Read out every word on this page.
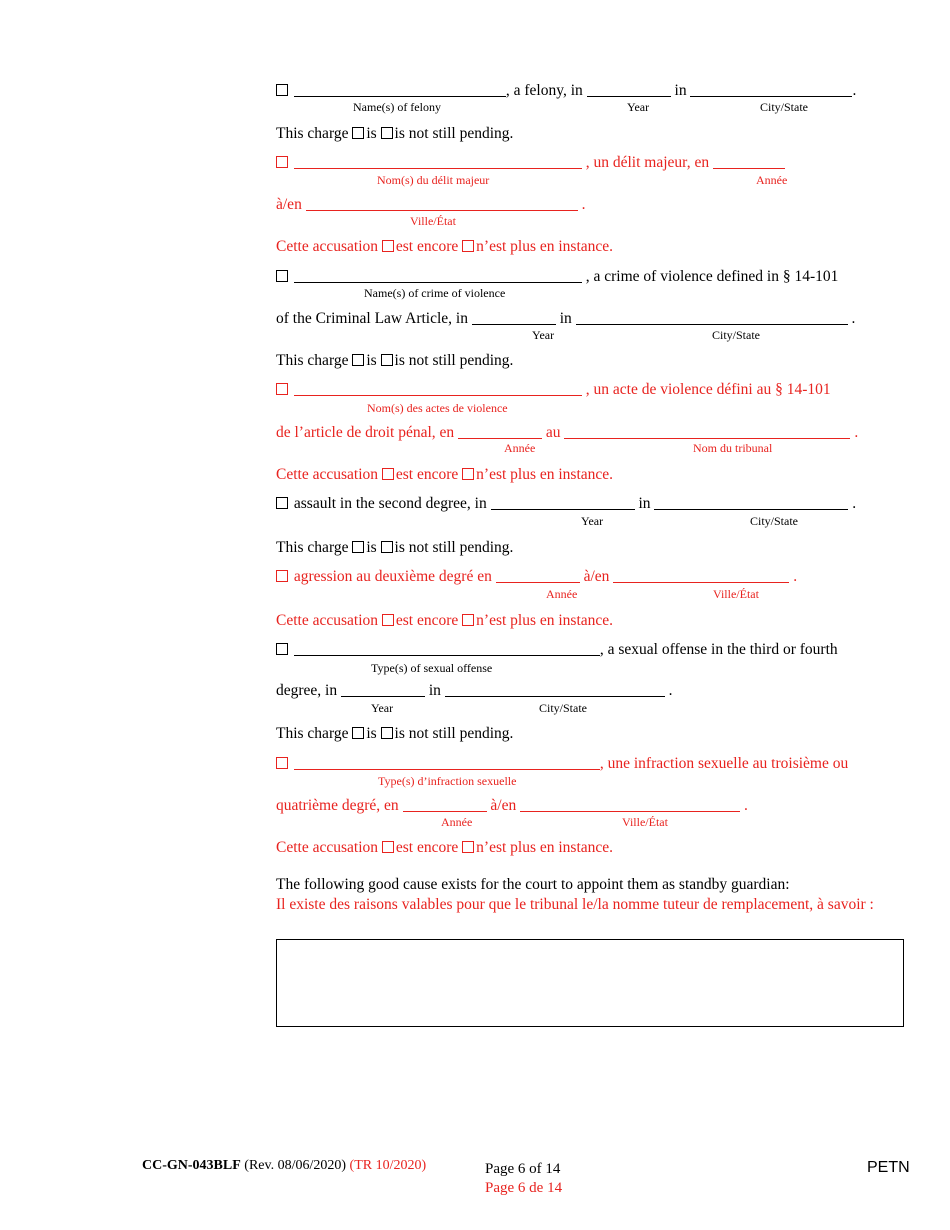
, a felony, in	in	.
Name(s) of felony	Year	City/State
This charge is is not still pending.
, un délit majeur, en
Nom(s) du délit majeur	Année
à/en	.
Ville/État
Cette accusation est encore n’est plus en instance.
, a crime of violence defined in § 14-101
Name(s) of crime of violence
of the Criminal Law Article, in	in	.
Year	City/State
This charge is is not still pending.
, un acte de violence défini au § 14-101
Nom(s) des actes de violence
de l’article de droit pénal, en	au	.
Année	Nom du tribunal
Cette accusation est encore n’est plus en instance.
assault in the second degree, in	in	.
Year	City/State
This charge is is not still pending.
agression au deuxième degré en	à/en	.
Année	Ville/État
Cette accusation est encore n’est plus en instance.
, a sexual offense in the third or fourth
Type(s) of sexual offense
degree, in	in	.
Year	City/State
This charge is is not still pending.
, une infraction sexuelle au troisième ou
Type(s) d’infraction sexuelle
quatrième degré, en	à/en	.
Année	Ville/État
Cette accusation est encore n’est plus en instance.
The following good cause exists for the court to appoint them as standby guardian:
Il existe des raisons valables pour que le tribunal le/la nomme tuteur de remplacement, à savoir :
CC-GN-043BLF (Rev. 08/06/2020) (TR 10/2020)	Page 6 of 14
Page 6 de 14
PETN
